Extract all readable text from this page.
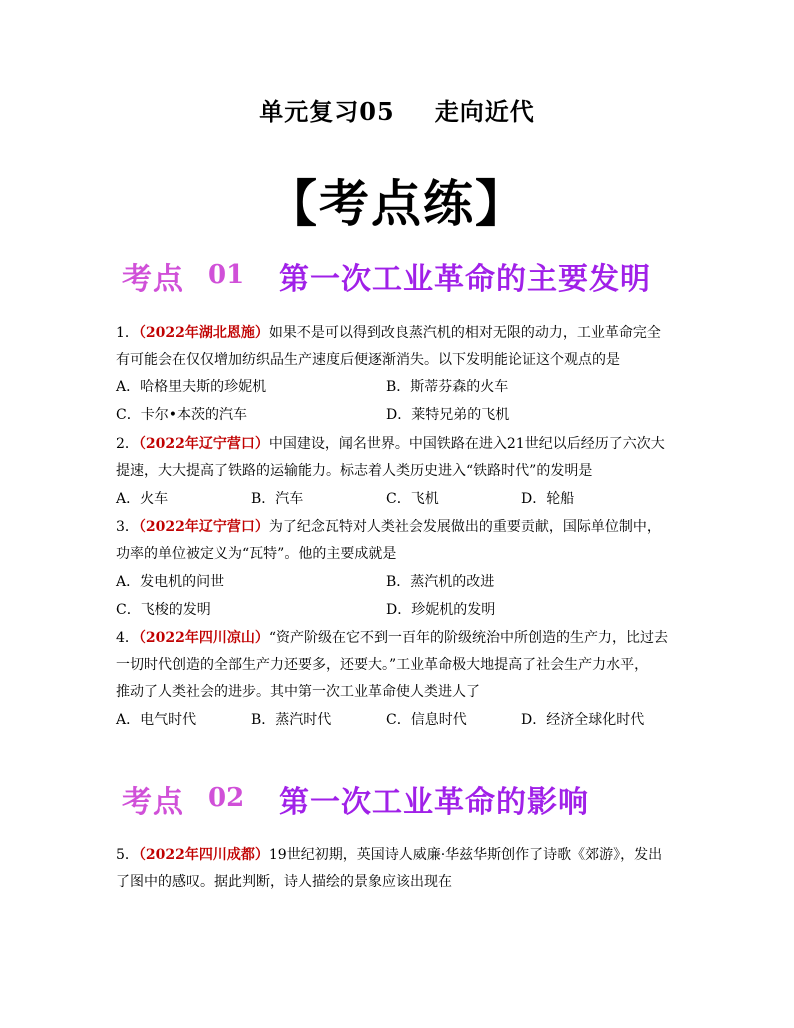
单元复习05 走向近代
【考点练】
考点 01 第一次工业革命的主要发明
1．（2022年湖北恩施）如果不是可以得到改良蒸汽机的相对无限的动力，工业革命完全
有可能会在仅仅增加纺织品生产速度后便逐渐消失。以下发明能论证这个观点的是
A．哈格里夫斯的珍妮机	B．斯蒂芬森的火车
C．卡尔•本茨的汽车	D．莱特兄弟的飞机
2．（2022年辽宁营口）中国建设，闻名世界。中国铁路在进入21世纪以后经历了六次大
提速，大大提高了铁路的运输能力。标志着人类历史进入“铁路时代”的发明是
A．火车	B．汽车	C．飞机	D．轮船
3．（2022年辽宁营口）为了纪念瓦特对人类社会发展做出的重要贡献，国际单位制中，
功率的单位被定义为“瓦特”。他的主要成就是
A．发电机的问世	B．蒸汽机的改进
C．飞梭的发明	D．珍妮机的发明
4．（2022年四川凉山）“资产阶级在它不到一百年的阶级统治中所创造的生产力，比过去
一切时代创造的全部生产力还要多，还要大。”工业革命极大地提高了社会生产力水平，
推动了人类社会的进步。其中第一次工业革命使人类进人了
A．电气时代	B．蒸汽时代	C．信息时代	D．经济全球化时代
考点 02 第一次工业革命的影响
5．（2022年四川成都）19世纪初期，英国诗人威廉·华兹华斯创作了诗歌《郊游》，发出
了图中的感叹。据此判断，诗人描绘的景象应该出现在
